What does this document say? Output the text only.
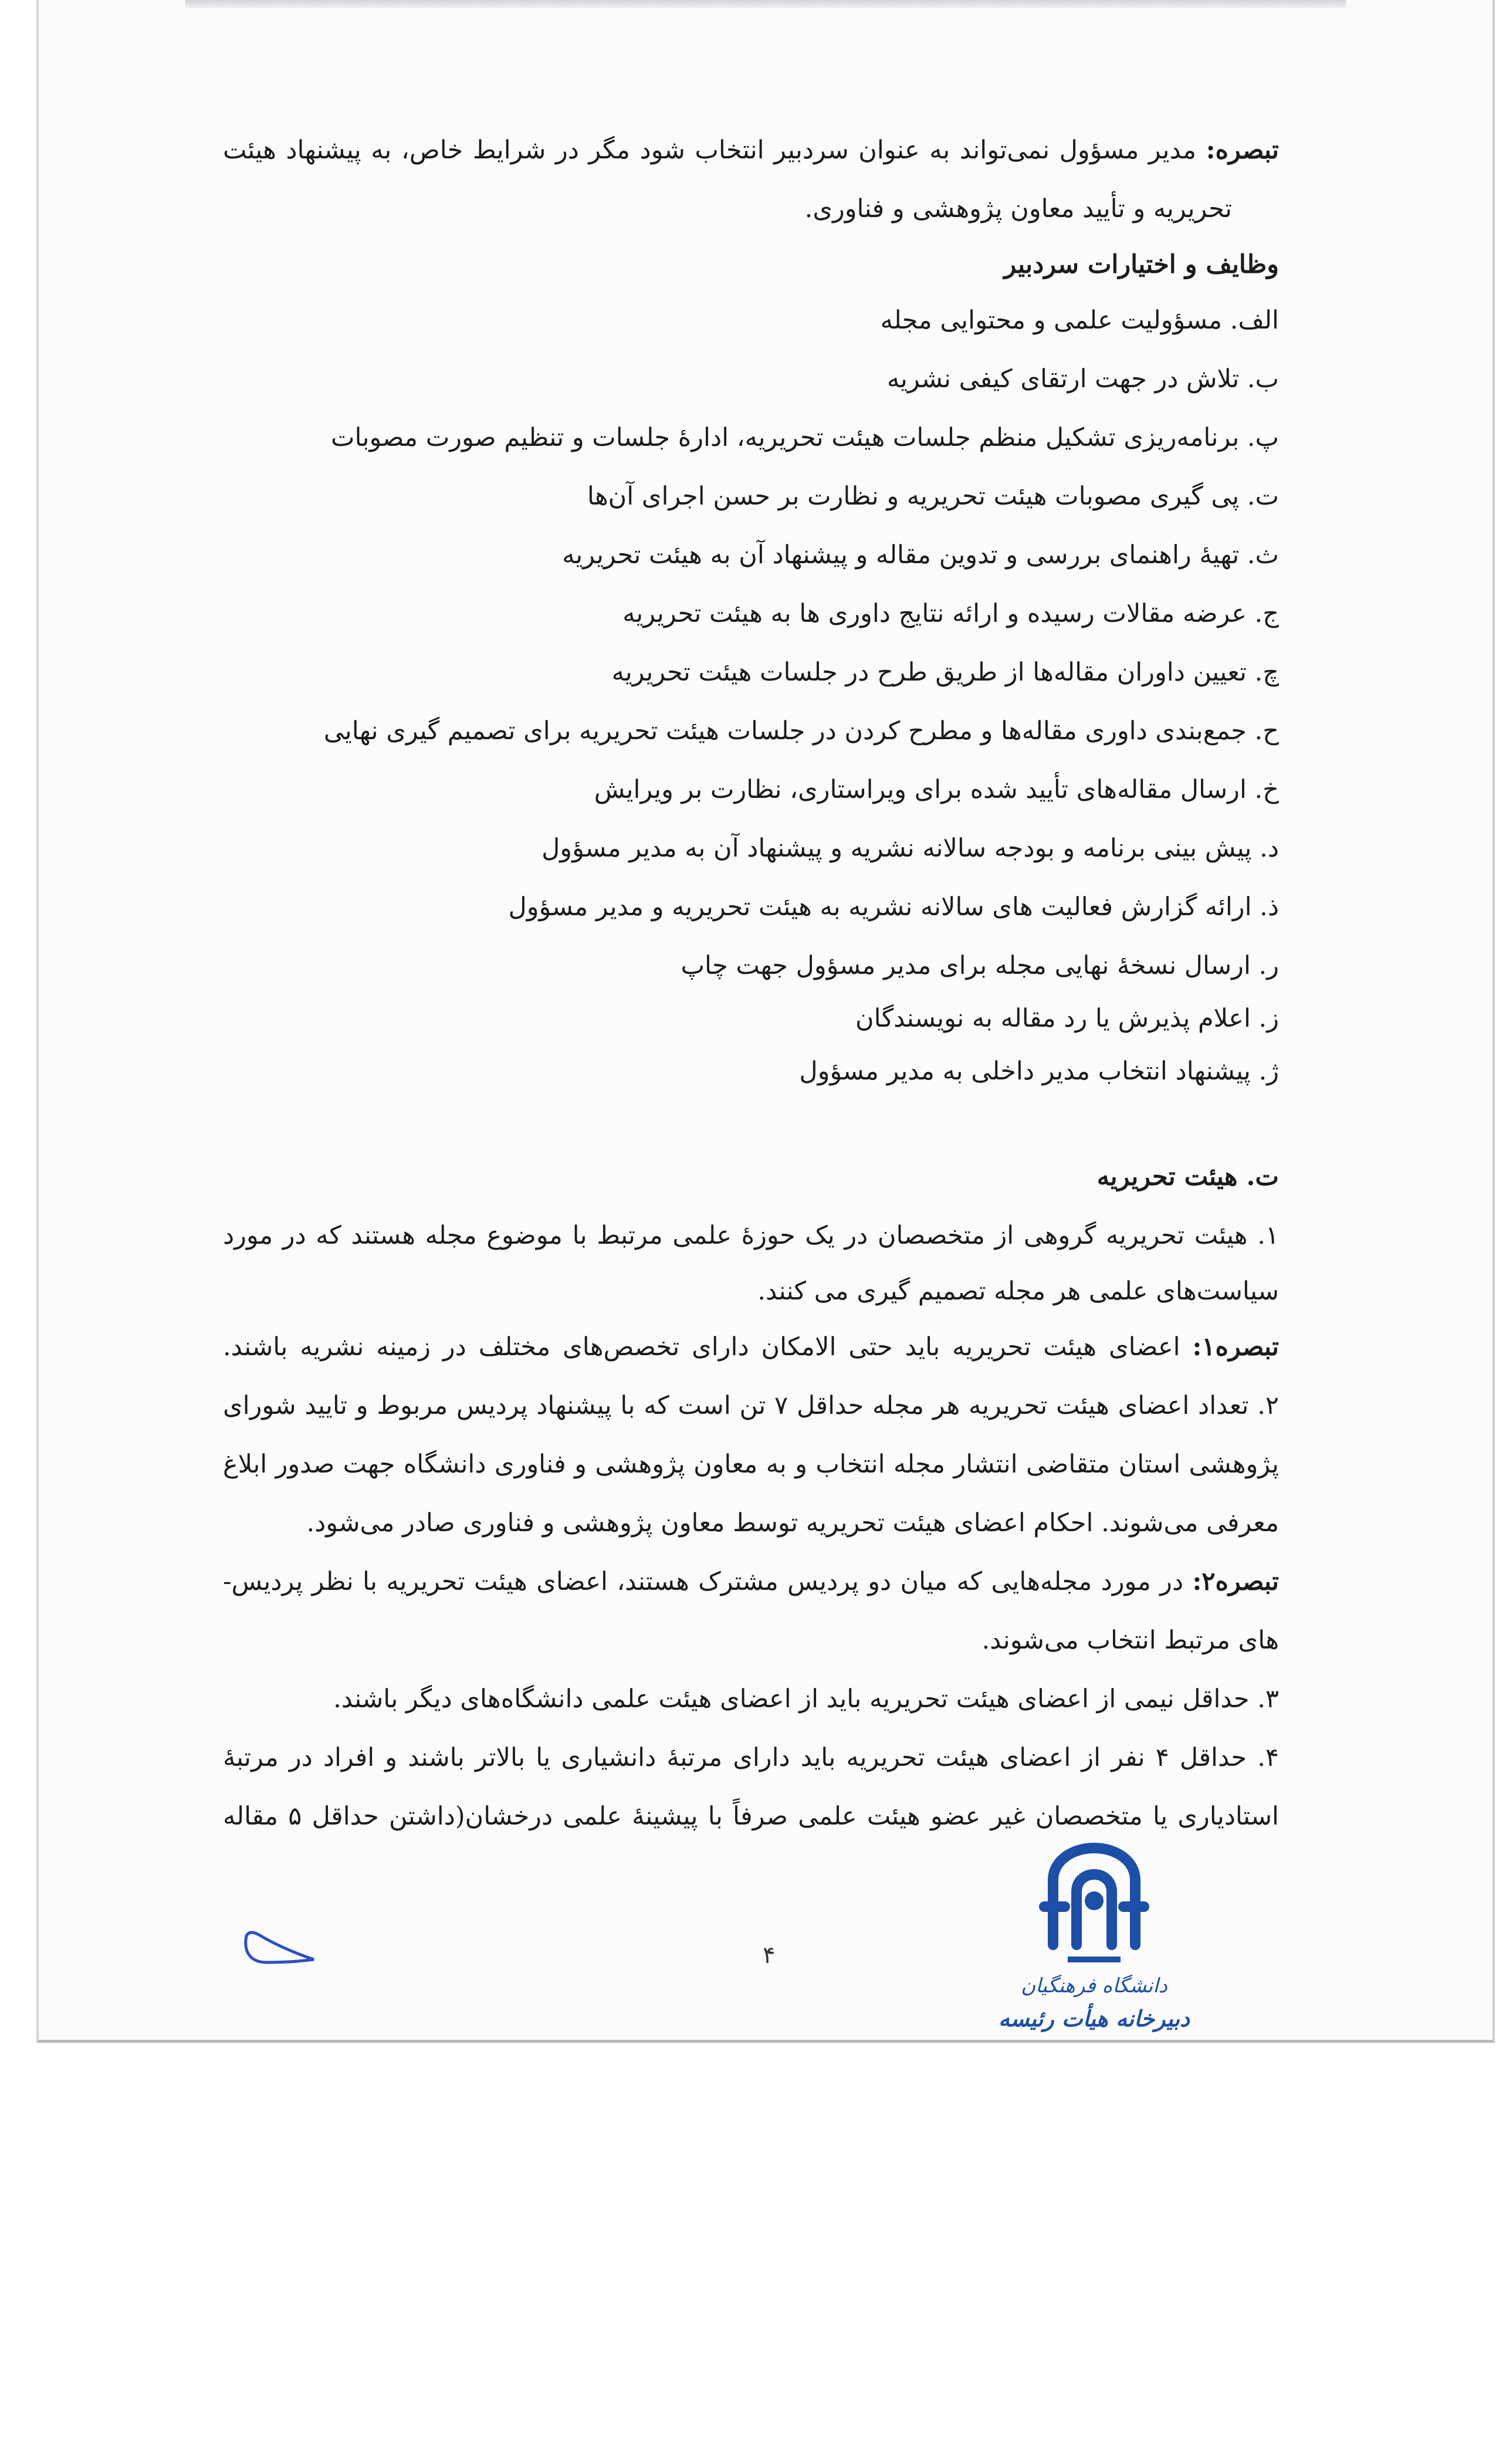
تبصره: مدیر مسؤول نمی‌تواند به عنوان سردبیر انتخاب شود مگر در شرایط خاص، به پیشنهاد هیئت
تحریریه و تأیید معاون پژوهشی و فناوری.
وظایف و اختیارات سردبیر
الف. مسؤولیت علمی و محتوایی مجله
ب. تلاش در جهت ارتقای کیفی نشریه
پ. برنامه‌ریزی تشکیل منظم جلسات هیئت تحریریه، ادارهٔ جلسات و تنظیم صورت مصوبات
ت. پی گیری مصوبات هیئت تحریریه و نظارت بر حسن اجرای آن‌ها
ث. تهیهٔ راهنمای بررسی و تدوین مقاله و پیشنهاد آن به هیئت تحریریه
ج. عرضه مقالات رسیده و ارائه نتایج داوری ها به هیئت تحریریه
چ. تعیین داوران مقاله‌ها از طریق طرح در جلسات هیئت تحریریه
ح. جمع‌بندی داوری مقاله‌ها و مطرح کردن در جلسات هیئت تحریریه برای تصمیم گیری نهایی
خ. ارسال مقاله‌های تأیید شده برای ویراستاری، نظارت بر ویرایش
د. پیش بینی برنامه و بودجه سالانه نشریه و پیشنهاد آن به مدیر مسؤول
ذ. ارائه گزارش فعالیت های سالانه نشریه به هیئت تحریریه و مدیر مسؤول
ر. ارسال نسخهٔ نهایی مجله برای مدیر مسؤول جهت چاپ
ز. اعلام پذیرش یا رد مقاله به نویسندگان
ژ. پیشنهاد انتخاب مدیر داخلی به مدیر مسؤول
ت. هیئت تحریریه
۱. هیئت تحریریه گروهی از متخصصان در یک حوزهٔ علمی مرتبط با موضوع مجله هستند که در مورد
سیاست‌های علمی هر مجله تصمیم گیری می کنند.
تبصره۱: اعضای هیئت تحریریه باید حتی الامکان دارای تخصص‌های مختلف در زمینه نشریه باشند.
۲. تعداد اعضای هیئت تحریریه هر مجله حداقل ۷ تن است که با پیشنهاد پردیس مربوط و تایید شورای
پژوهشی استان متقاضی انتشار مجله انتخاب و به معاون پژوهشی و فناوری دانشگاه جهت صدور ابلاغ
معرفی می‌شوند. احکام اعضای هیئت تحریریه توسط معاون پژوهشی و فناوری صادر می‌شود.
تبصره۲: در مورد مجله‌هایی که میان دو پردیس مشترک هستند، اعضای هیئت تحریریه با نظر پردیس-
های مرتبط انتخاب می‌شوند.
۳. حداقل نیمی از اعضای هیئت تحریریه باید از اعضای هیئت علمی دانشگاه‌های دیگر باشند.
۴. حداقل ۴ نفر از اعضای هیئت تحریریه باید دارای مرتبهٔ دانشیاری یا بالاتر باشند و افراد در مرتبهٔ
استادیاری یا متخصصان غیر عضو هیئت علمی صرفاً با پیشینهٔ علمی درخشان(داشتن حداقل ۵ مقاله
۴
دانشگاه فرهنگیان
دبیرخانه هیأت رئیسه
